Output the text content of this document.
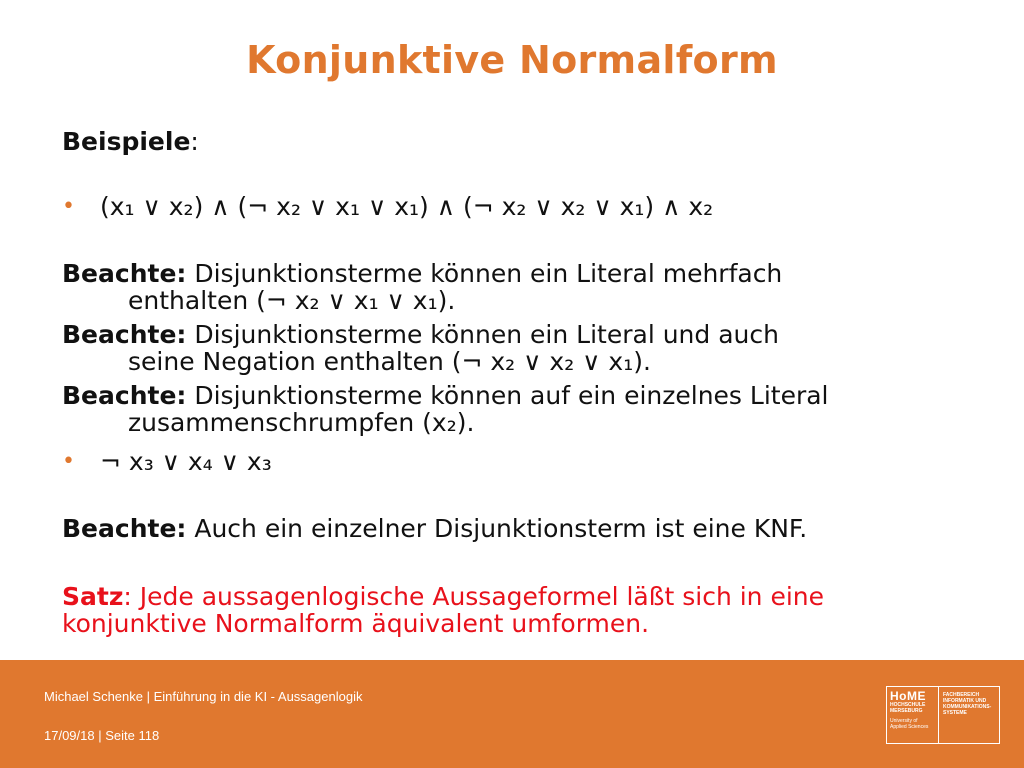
Konjunktive Normalform
Beispiele:
•	(x₁ ∨ x₂) ∧ (¬ x₂ ∨ x₁ ∨ x₁) ∧ (¬ x₂ ∨ x₂ ∨ x₁) ∧ x₂
Beachte: Disjunktionsterme können ein Literal mehrfach
enthalten (¬ x₂ ∨ x₁ ∨ x₁).
Beachte: Disjunktionsterme können ein Literal und auch
seine Negation enthalten (¬ x₂ ∨ x₂ ∨ x₁).
Beachte: Disjunktionsterme können auf ein einzelnes Literal
zusammenschrumpfen (x₂).
•	¬ x₃ ∨ x₄ ∨ x₃
Beachte: Auch ein einzelner Disjunktionsterm ist eine KNF.
Satz: Jede aussagenlogische Aussageformel läßt sich in eine
konjunktive Normalform äquivalent umformen.
Michael Schenke | Einführung in die KI - Aussagenlogik
17/09/18 | Seite 118
HoME
HOCHSCHULE
MERSEBURG
University of
Applied Sciences
FACHBEREICH
INFORMATIK UND
KOMMUNIKATIONS-
SYSTEME
